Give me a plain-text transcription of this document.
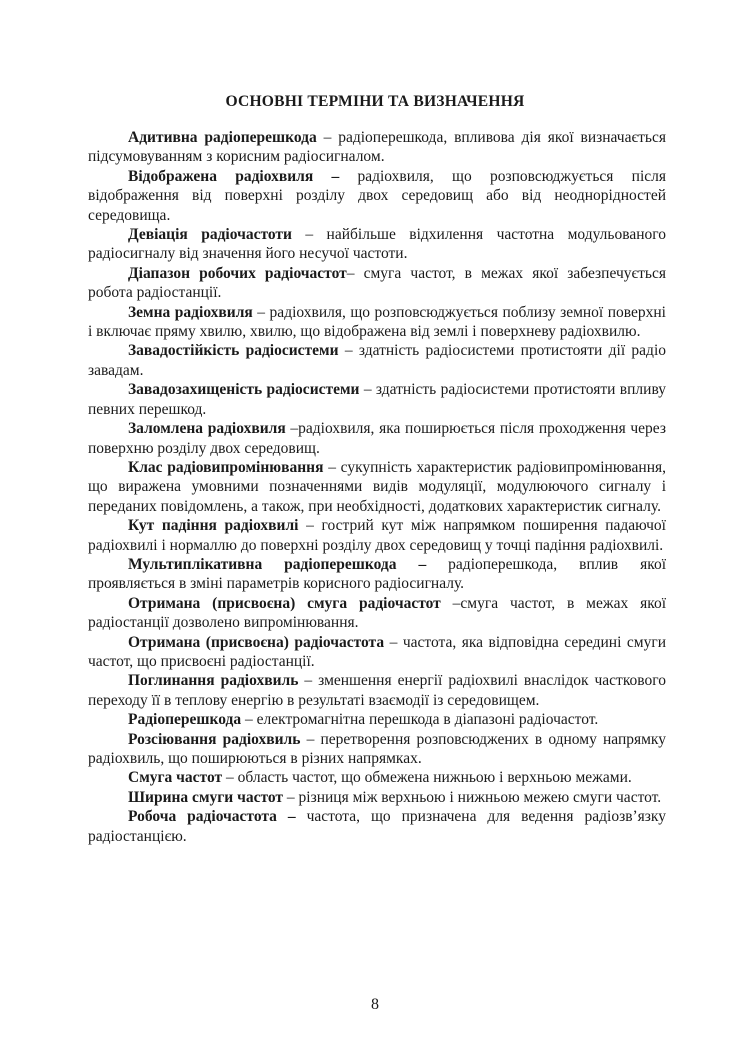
ОСНОВНІ ТЕРМІНИ ТА ВИЗНАЧЕННЯ

Адитивна радіоперешкода – радіоперешкода, впливова дія якої визначається підсумовуванням з корисним радіосигналом.

Відображена радіохвиля – радіохвиля, що розповсюджується після відображення від поверхні розділу двох середовищ або від неоднорідностей середовища.

Девіація радіочастоти – найбільше відхилення частотна модульованого радіосигналу від значення його несучої частоти.

Діапазон робочих радіочастот– смуга частот, в межах якої забезпечується робота радіостанції.

Земна радіохвиля – радіохвиля, що розповсюджується поблизу земної поверхні і включає пряму хвилю, хвилю, що відображена від землі і поверхневу радіохвилю.

Завадостійкість радіосистеми – здатність радіосистеми протистояти дії радіо завадам.

Завадозахищеність радіосистеми – здатність радіосистеми протистояти впливу певних перешкод.

Заломлена радіохвиля –радіохвиля, яка поширюється після проходження через поверхню розділу двох середовищ.

Клас радіовипромінювання – сукупність характеристик радіовипромінювання, що виражена умовними позначеннями видів модуляції, модулюючого сигналу і переданих повідомлень, а також, при необхідності, додаткових характеристик сигналу.

Кут падіння радіохвилі – гострий кут між напрямком поширення падаючої радіохвилі і нормаллю до поверхні розділу двох середовищ у точці падіння радіохвилі.

Мультиплікативна радіоперешкода – радіоперешкода, вплив якої проявляється в зміні параметрів корисного радіосигналу.

Отримана (присвоєна) смуга радіочастот –смуга частот, в межах якої радіостанції дозволено випромінювання.

Отримана (присвоєна) радіочастота – частота, яка відповідна середині смуги частот, що присвоєні радіостанції.

Поглинання радіохвиль – зменшення енергії радіохвилі внаслідок часткового переходу її в теплову енергію в результаті взаємодії із середовищем.

Радіоперешкода – електромагнітна перешкода в діапазоні радіочастот.

Розсіювання радіохвиль – перетворення розповсюджених в одному напрямку радіохвиль, що поширюються в різних напрямках.

Смуга частот – область частот, що обмежена нижньою і верхньою межами.

Ширина смуги частот – різниця між верхньою і нижньою межею смуги частот.

Робоча радіочастота – частота, що призначена для ведення радіозв’язку радіостанцією.

8
